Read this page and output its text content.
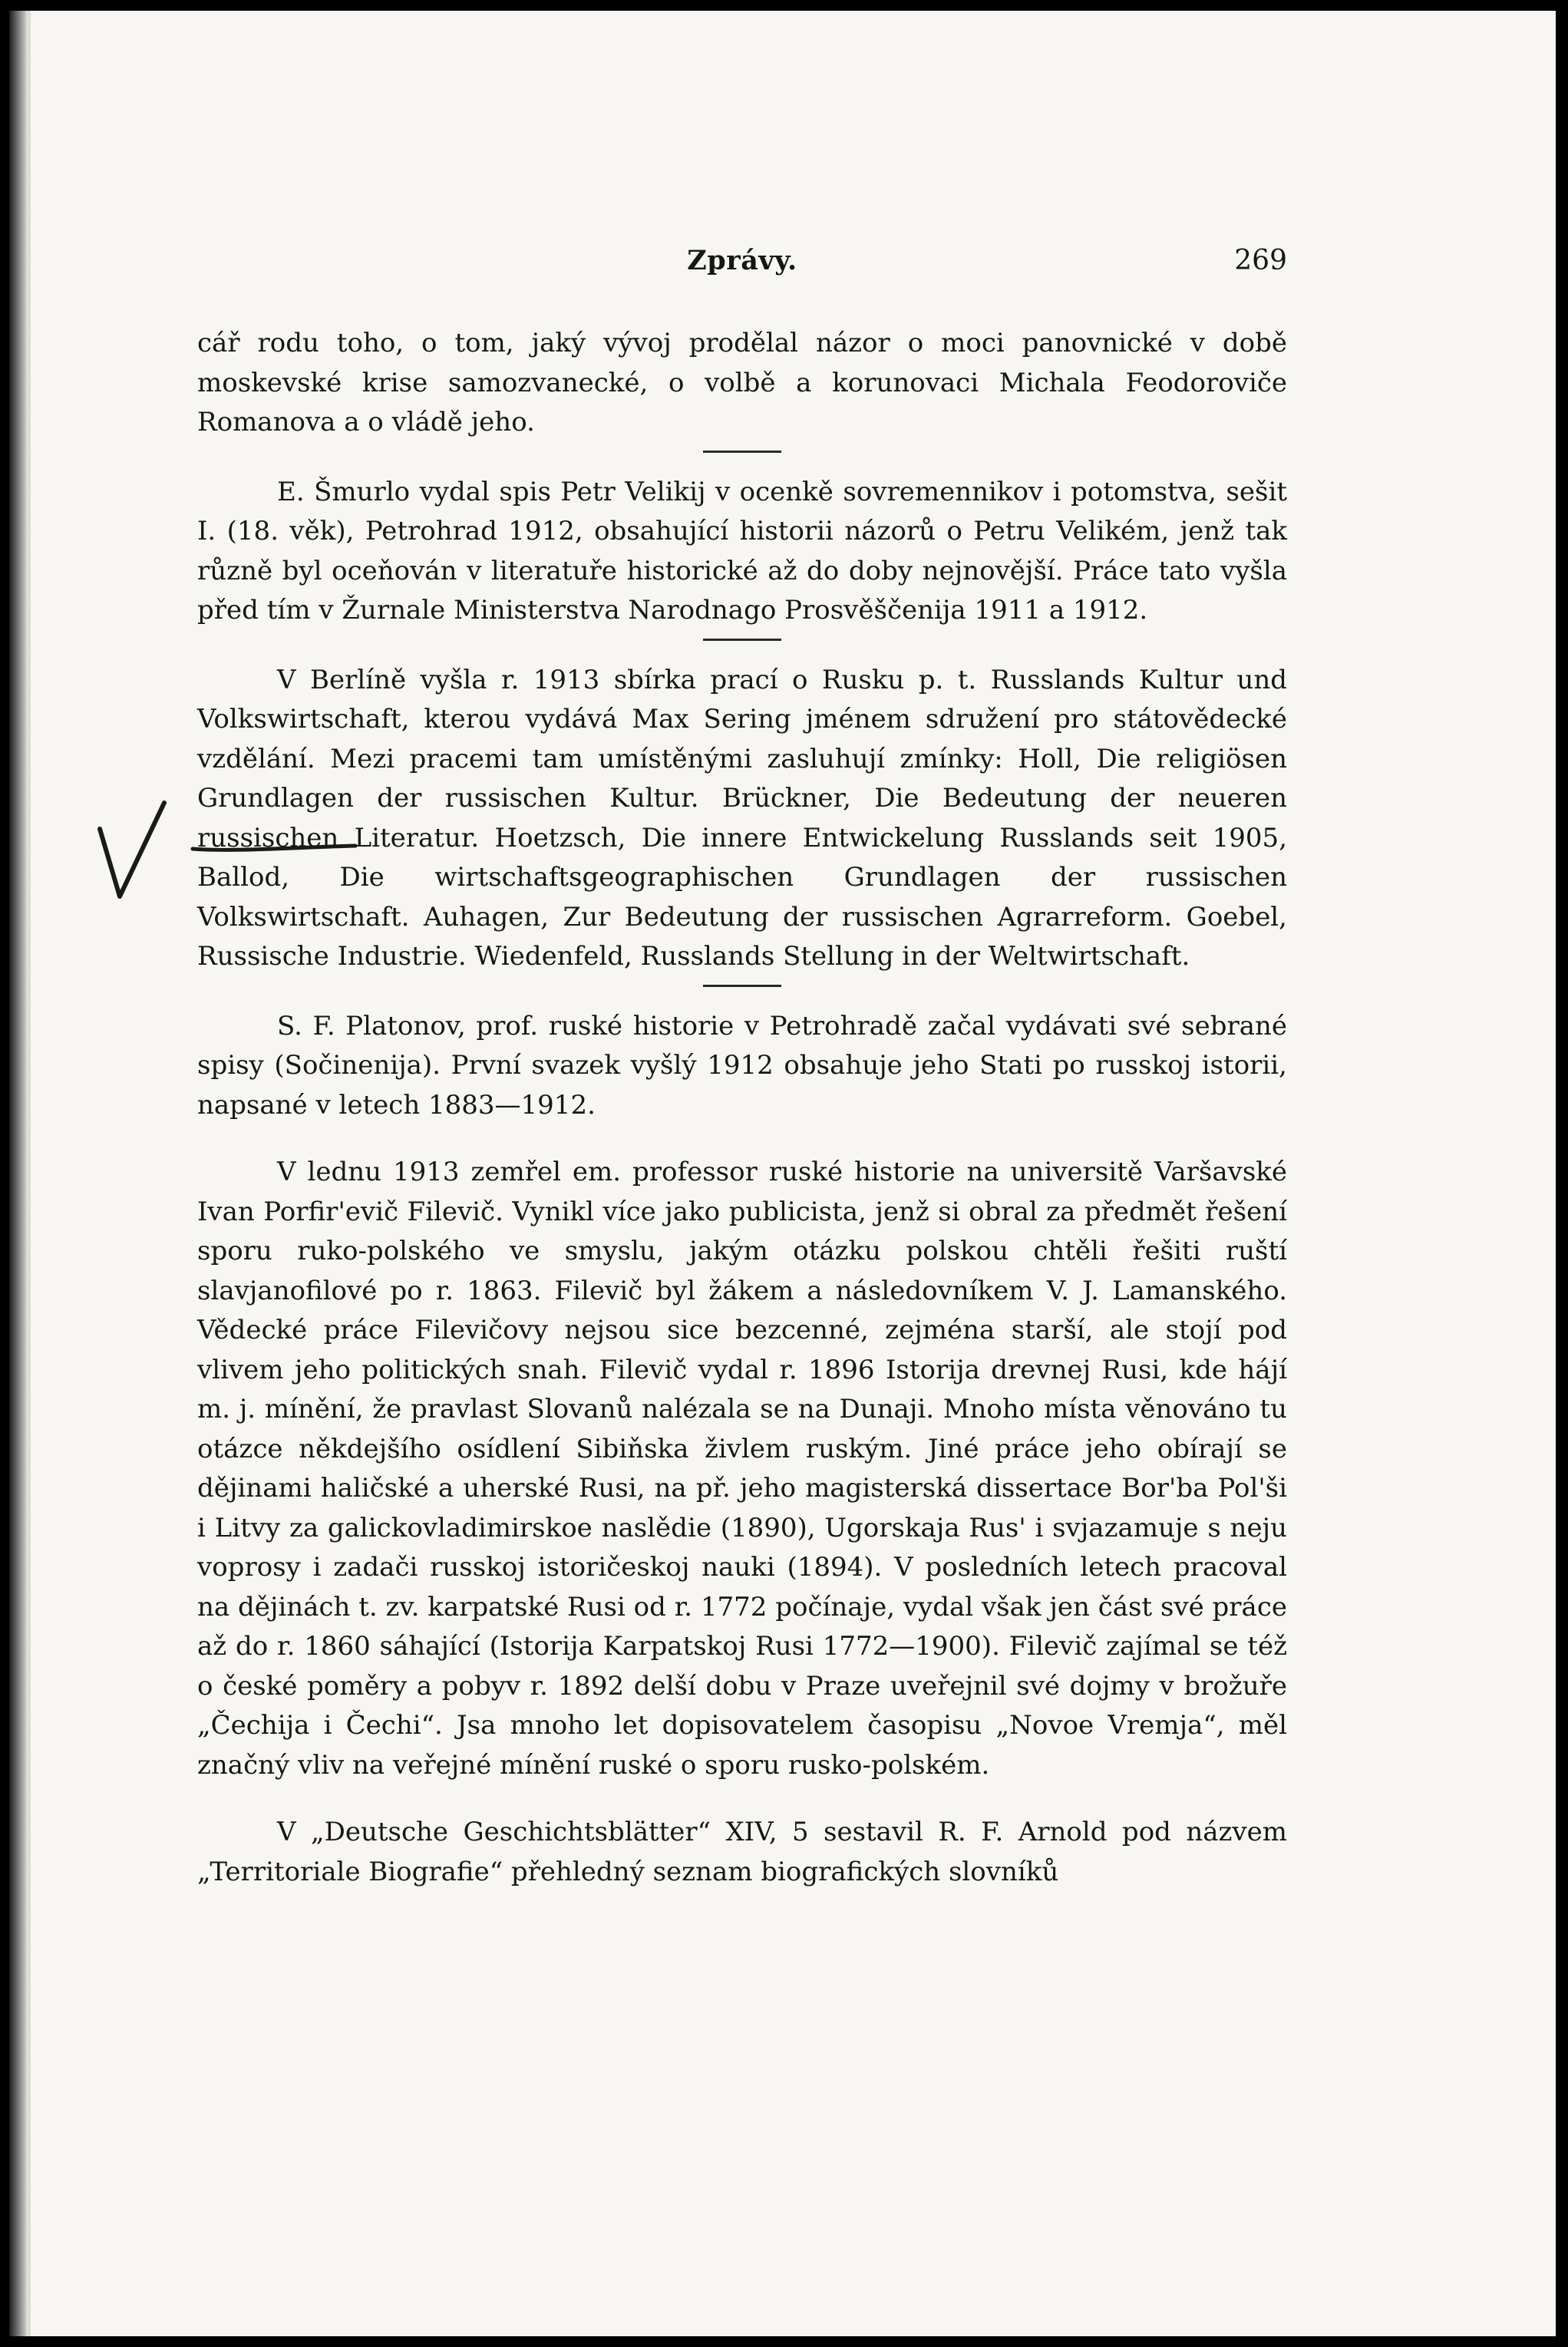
Zprávy.	269

cář rodu toho, o tom, jaký vývoj prodělal názor o moci panovnické v době moskevské krise samozvanecké, o volbě a korunovaci Michala Feodoroviče Romanova a o vládě jeho.

E. Šmurlo vydal spis Petr Velikij v ocenkě sovremennikov i potomstva, sešit I. (18. věk), Petrohrad 1912, obsahující historii názorů o Petru Velikém, jenž tak různě byl oceňován v literatuře historické až do doby nejnovější. Práce tato vyšla před tím v Žurnale Ministerstva Narodnago Prosvěščenija 1911 a 1912.

V Berlíně vyšla r. 1913 sbírka prací o Rusku p. t. Russlands Kultur und Volkswirtschaft, kterou vydává Max Sering jménem sdružení pro státovědecké vzdělání. Mezi pracemi tam umístěnými zasluhují zmínky: Holl, Die religiösen Grundlagen der russischen Kultur. Brückner, Die Bedeutung der neueren russischen Literatur. Hoetzsch, Die innere Entwickelung Russlands seit 1905, Ballod, Die wirtschaftsgeographischen Grundlagen der russischen Volkswirtschaft. Auhagen, Zur Bedeutung der russischen Agrarreform. Goebel, Russische Industrie. Wiedenfeld, Russlands Stellung in der Weltwirtschaft.

S. F. Platonov, prof. ruské historie v Petrohradě začal vydávati své sebrané spisy (Sočinenija). První svazek vyšlý 1912 obsahuje jeho Stati po russkoj istorii, napsané v letech 1883—1912.

V lednu 1913 zemřel em. professor ruské historie na universitě Varšavské Ivan Porfir'evič Filevič. Vynikl více jako publicista, jenž si obral za předmět řešení sporu ruko-polského ve smyslu, jakým otázku polskou chtěli řešiti ruští slavjanofilové po r. 1863. Filevič byl žákem a následovníkem V. J. Lamanského. Vědecké práce Filevičovy nejsou sice bezcenné, zejména starší, ale stojí pod vlivem jeho politických snah. Filevič vydal r. 1896 Istorija drevnej Rusi, kde hájí m. j. mínění, že pravlast Slovanů nalézala se na Dunaji. Mnoho místa věnováno tu otázce někdejšího osídlení Sibiňska živlem ruským. Jiné práce jeho obírají se dějinami haličské a uherské Rusi, na př. jeho magisterská dissertace Bor'ba Pol'ši i Litvy za galickovladimirskoe naslědie (1890), Ugorskaja Rus' i svjazamuje s neju voprosy i zadači russkoj istoričeskoj nauki (1894). V posledních letech pracoval na dějinách t. zv. karpatské Rusi od r. 1772 počínaje, vydal však jen část své práce až do r. 1860 sáhající (Istorija Karpatskoj Rusi 1772—1900). Filevič zajímal se též o české poměry a pobyv r. 1892 delší dobu v Praze uveřejnil své dojmy v brožuře „Čechija i Čechi“. Jsa mnoho let dopisovatelem časopisu „Novoe Vremja“, měl značný vliv na veřejné mínění ruské o sporu rusko-polském.

V „Deutsche Geschichtsblätter“ XIV, 5 sestavil R. F. Arnold pod názvem „Territoriale Biografie“ přehledný seznam biografických slovníků
